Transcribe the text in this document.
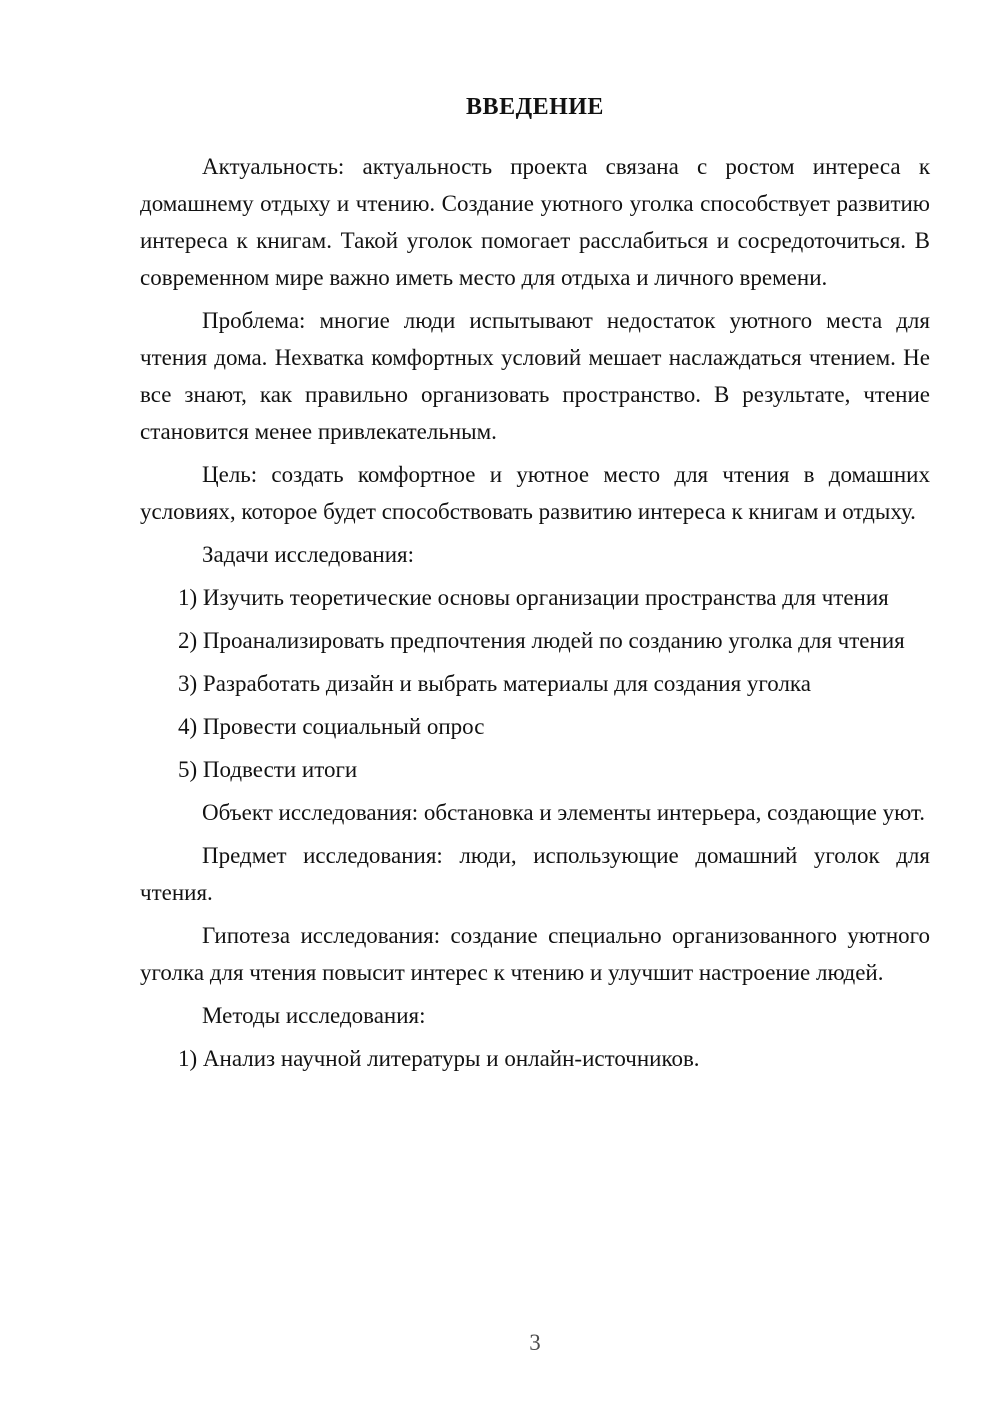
ВВЕДЕНИЕ

Актуальность: актуальность проекта связана с ростом интереса к домашнему отдыху и чтению. Создание уютного уголка способствует развитию интереса к книгам. Такой уголок помогает расслабиться и сосредоточиться. В современном мире важно иметь место для отдыха и личного времени.

Проблема: многие люди испытывают недостаток уютного места для чтения дома. Нехватка комфортных условий мешает наслаждаться чтением. Не все знают, как правильно организовать пространство. В результате, чтение становится менее привлекательным.

Цель: создать комфортное и уютное место для чтения в домашних условиях, которое будет способствовать развитию интереса к книгам и отдыху.

Задачи исследования:

1) Изучить теоретические основы организации пространства для чтения

2) Проанализировать предпочтения людей по созданию уголка для чтения

3) Разработать дизайн и выбрать материалы для создания уголка

4) Провести социальный опрос

5) Подвести итоги

Объект исследования: обстановка и элементы интерьера, создающие уют.

Предмет исследования: люди, использующие домашний уголок для чтения.

Гипотеза исследования: создание специально организованного уютного уголка для чтения повысит интерес к чтению и улучшит настроение людей.

Методы исследования:

1) Анализ научной литературы и онлайн-источников.

3
